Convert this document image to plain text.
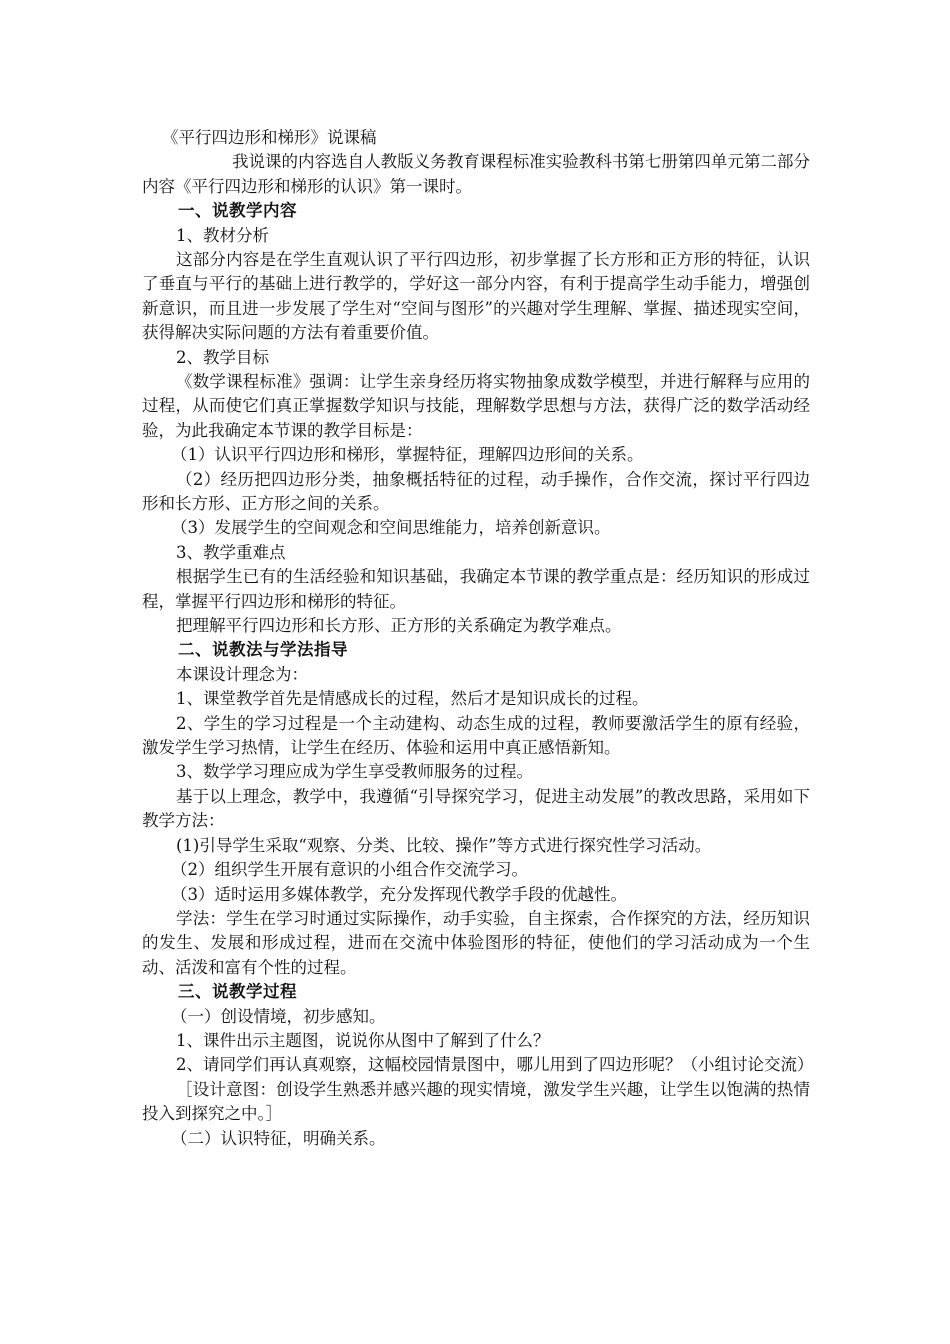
《平行四边形和梯形》说课稿

我说课的内容选自人教版义务教育课程标准实验教科书第七册第四单元第二部分内容《平行四边形和梯形的认识》第一课时。

一、说教学内容
1、教材分析

这部分内容是在学生直观认识了平行四边形，初步掌握了长方形和正方形的特征，认识了垂直与平行的基础上进行教学的，学好这一部分内容，有利于提高学生动手能力，增强创新意识，而且进一步发展了学生对“空间与图形”的兴趣对学生理解、掌握、描述现实空间，获得解决实际问题的方法有着重要价值。

2、教学目标

《数学课程标准》强调：让学生亲身经历将实物抽象成数学模型，并进行解释与应用的过程，从而使它们真正掌握数学知识与技能，理解数学思想与方法，获得广泛的数学活动经验，为此我确定本节课的教学目标是：

（1）认识平行四边形和梯形，掌握特征，理解四边形间的关系。

（2）经历把四边形分类，抽象概括特征的过程，动手操作，合作交流，探讨平行四边形和长方形、正方形之间的关系。

（3）发展学生的空间观念和空间思维能力，培养创新意识。

3、教学重难点

根据学生已有的生活经验和知识基础，我确定本节课的教学重点是：经历知识的形成过程，掌握平行四边形和梯形的特征。

把理解平行四边形和长方形、正方形的关系确定为教学难点。

二、说教法与学法指导

本课设计理念为：

1、课堂教学首先是情感成长的过程，然后才是知识成长的过程。

2、学生的学习过程是一个主动建构、动态生成的过程，教师要激活学生的原有经验，激发学生学习热情，让学生在经历、体验和运用中真正感悟新知。

3、数学学习理应成为学生享受教师服务的过程。

基于以上理念，教学中，我遵循“引导探究学习，促进主动发展”的教改思路，采用如下教学方法：

(1)引导学生采取“观察、分类、比较、操作”等方式进行探究性学习活动。

（2）组织学生开展有意识的小组合作交流学习。

（3）适时运用多媒体教学，充分发挥现代教学手段的优越性。

学法：学生在学习时通过实际操作，动手实验，自主探索，合作探究的方法，经历知识的发生、发展和形成过程，进而在交流中体验图形的特征，使他们的学习活动成为一个生动、活泼和富有个性的过程。

三、说教学过程

（一）创设情境，初步感知。

1、课件出示主题图，说说你从图中了解到了什么？

2、请同学们再认真观察，这幅校园情景图中，哪儿用到了四边形呢？（小组讨论交流）

［设计意图：创设学生熟悉并感兴趣的现实情境，激发学生兴趣，让学生以饱满的热情投入到探究之中。］

（二）认识特征，明确关系。
